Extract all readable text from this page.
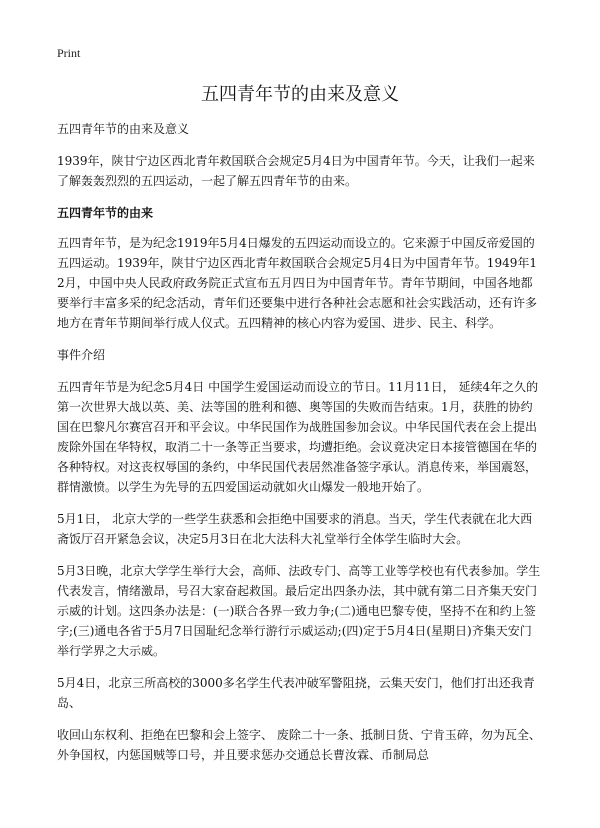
Print
五四青年节的由来及意义

五四青年节的由来及意义

1939年，陕甘宁边区西北青年救国联合会规定5月4日为中国青年节。今天，让我们一起来了解轰轰烈烈的五四运动，一起了解五四青年节的由来。

五四青年节的由来

五四青年节，是为纪念1919年5月4日爆发的五四运动而设立的。它来源于中国反帝爱国的五四运动。1939年，陕甘宁边区西北青年救国联合会规定5月4日为中国青年节。1949年12月，中国中央人民政府政务院正式宣布五月四日为中国青年节。青年节期间，中国各地都要举行丰富多采的纪念活动，青年们还要集中进行各种社会志愿和社会实践活动，还有许多地方在青年节期间举行成人仪式。五四精神的核心内容为爱国、进步、民主、科学。

事件介绍

五四青年节是为纪念5月4日 中国学生爱国运动而设立的节日。11月11日， 延续4年之久的第一次世界大战以英、美、法等国的胜利和德、奥等国的失败而告结束。1月，获胜的协约国在巴黎凡尔赛宫召开和平会议。中华民国作为战胜国参加会议。中华民国代表在会上提出废除外国在华特权，取消二十一条等正当要求，均遭拒绝。会议竟决定日本接管德国在华的各种特权。对这丧权辱国的条约，中华民国代表居然准备签字承认。消息传来，举国震怒，群情激愤。以学生为先导的五四爱国运动就如火山爆发一般地开始了。

5月1日， 北京大学的一些学生获悉和会拒绝中国要求的消息。当天，学生代表就在北大西斋饭厅召开紧急会议，决定5月3日在北大法科大礼堂举行全体学生临时大会。

5月3日晚，北京大学学生举行大会，高师、法政专门、高等工业等学校也有代表参加。学生代表发言，情绪激昂，号召大家奋起救国。最后定出四条办法，其中就有第二日齐集天安门示威的计划。这四条办法是：(一)联合各界一致力争;(二)通电巴黎专使，坚持不在和约上签字;(三)通电各省于5月7日国耻纪念举行游行示威运动;(四)定于5月4日(星期日)齐集天安门举行学界之大示威。

5月4日，北京三所高校的3000多名学生代表冲破军警阻挠，云集天安门，他们打出还我青岛、

收回山东权利、拒绝在巴黎和会上签字、 废除二十一条、抵制日货、宁肯玉碎，勿为瓦全、外争国权，内惩国贼等口号，并且要求惩办交通总长曹汝霖、币制局总
